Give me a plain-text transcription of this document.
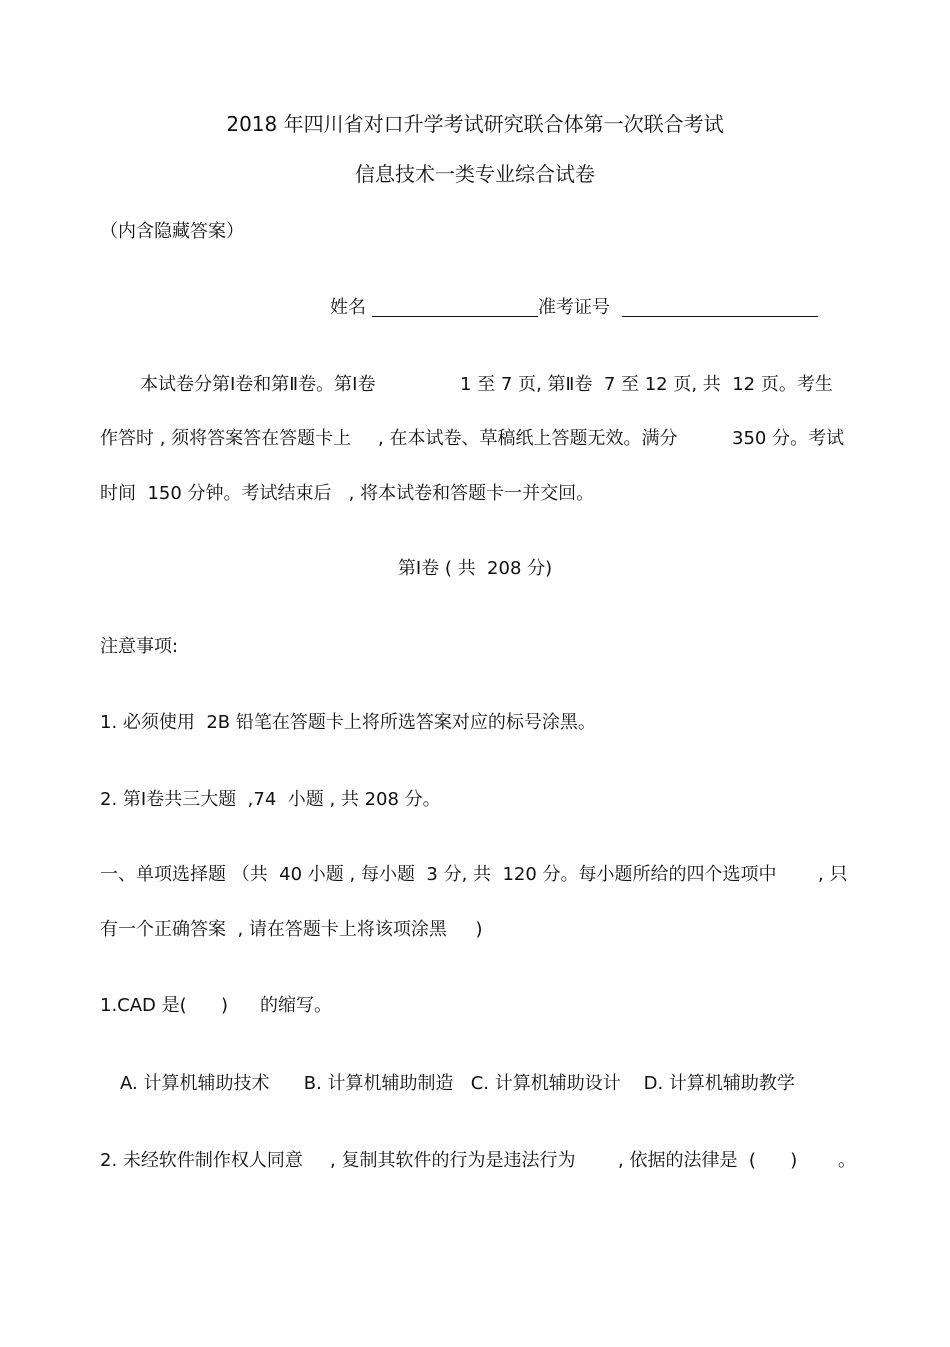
2018 年四川省对口升学考试研究联合体第一次联合考试
信息技术一类专业综合试卷
（内含隐藏答案）
姓名	准考证号
本试卷分第Ⅰ卷和第Ⅱ卷。第Ⅰ卷	1 至 7 页, 第Ⅱ卷  7 至 12 页, 共  12 页。考生
作答时 , 须将答案答在答题卡上 , 在本试卷、草稿纸上答题无效。满分	350 分。考试
时间  150 分钟。考试结束后   , 将本试卷和答题卡一并交回。
第Ⅰ卷 ( 共  208 分)
注意事项:
1. 必须使用  2B 铅笔在答题卡上将所选答案对应的标号涂黑。
2. 第Ⅰ卷共三大题  ,74  小题 , 共 208 分。
一、单项选择题 （共  40 小题 , 每小题  3 分, 共  120 分。每小题所给的四个选项中 , 只
有一个正确答案  , 请在答题卡上将该项涂黑     )
1.CAD 是(      ) 的缩写。
A. 计算机辅助技术      B. 计算机辅助制造   C. 计算机辅助设计    D. 计算机辅助教学
2. 未经软件制作权人同意 , 复制其软件的行为是违法行为 , 依据的法律是  (      ) 。
